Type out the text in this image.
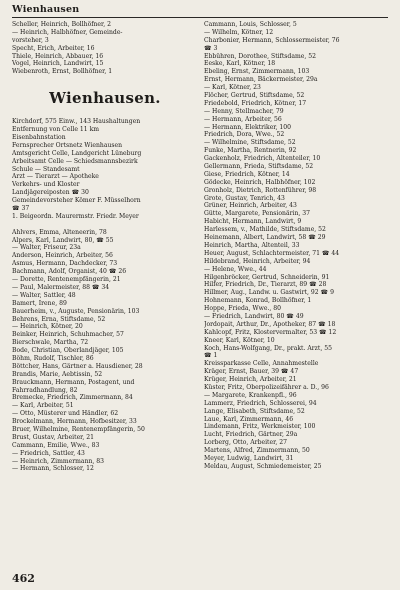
Wienhausen
Scheller, Heinrich, Bollhöfner, 2
— Heinrich, Halbhöfner, Gemeinde-
vorsteher, 3
Specht, Erich, Arbeiter, 16
Thiele, Heinrich, Abbauer, 16
Vogel, Heinrich, Landwirt, 15
Wiebenroth, Ernst, Bollhöfner, 1
Wienhausen.
Kirchdorf, 575 Einw., 143 Haushaltungen
Entfernung von Celle 11 km
Eisenbahnstation
Fernsprecher Ortsnetz Wienhausen
Amtsgericht Celle, Landgericht Lüneburg
Arbeitsamt Celle — Schiedsmannsbezirk
Schule — Standesamt
Arzt — Tierarzt — Apotheke
Verkehrs- und Kloster
Landjägereiposten ☎ 30
Gemeindevorsteher Kömer F. Müsselhorn
☎ 37
1. Beigeordn. Maurermstr. Friedr. Meyer
Ahlvers, Emma, Alteneerin, 78
Alpers, Karl, Landwirt, 80, ☎ 55
— Walter, Friseur, 23a
Anderson, Heinrich, Arbeiter, 56
Asmus, Hermann, Dachdecker, 73
Bachmann, Adolf, Organist, 40 ☎ 26
— Dorette, Rentenempfängerin, 21
— Paul, Malermeister, 88 ☎ 34
— Walter, Sattler, 48
Bamert, Irene, 89
Bauerheim, v., Auguste, Pensionärin, 103
Behrens, Erna, Stiftsdame, 52
— Heinrich, Kötner, 20
Beinker, Heinrich, Schuhmacher, 57
Bierschwale, Martha, 72
Bode, Christian, Oberlandjäger, 105
Böhm, Rudolf, Tischler, 86
Böttcher, Hans, Gärtner a. Hausdiener, 28
Brandis, Marie, Aebtissin, 52
Brauckmann, Hermann, Postagent, und
Fahrradhandlung, 82
Bremecke, Friedrich, Zimmermann, 84
— Karl, Arbeiter, 51
— Otto, Müsterer und Händler, 62
Brockelmann, Hermann, Hofbesitzer, 33
Bruer, Wilhelmine, Rentenempfängerin, 50
Brust, Gustav, Arbeiter, 21
Cammann, Emilie, Wwe., 83
— Friedrich, Sattler, 43
— Heinrich, Zimmermann, 83
— Hermann, Schlosser, 12
Cammann, Louis, Schlosser, 5
— Wilhelm, Kötner, 12
Charbonier, Hermann, Schlossermeister, 76
☎ 3
Ebbühren, Dorothee, Stiftsdame, 52
Eeske, Karl, Kötner, 18
Ebeling, Ernst, Zimmermann, 103
Ernst, Hermann, Bäckermeister, 29a
— Karl, Kötner, 23
Flöcher, Gertrud, Stiftsdame, 52
Friedebold, Friedrich, Kötner, 17
— Henny, Stellmacher, 79
— Hermann, Arbeiter, 56
— Hermann, Elektriker, 100
Friedrich, Dora, Wwe., 52
— Wilhelmine, Stiftsdame, 52
Funke, Martha, Rentnerin, 92
Gackenholz, Friedrich, Altenteiler, 10
Gellermann, Frieda, Stiftsdame, 52
Giese, Friedrich, Kötner, 14
Gödecke, Heinrich, Halbhöfner, 102
Gronholz, Dietrich, Rottenführer, 98
Grote, Gustav, Tenrich, 43
Grüner, Heinrich, Arbeiter, 43
Gütte, Margarete, Pensionärin, 37
Habicht, Hermann, Landwirt, 9
Harlessem, v., Mathilde, Stiftsdame, 52
Heinemann, Albert, Landwirt, 58 ☎ 29
Heinrich, Martha, Altenteil, 33
Heuer, August, Schlachtermeister, 71 ☎ 44
Hildebrand, Heinrich, Arbeiter, 94
— Helene, Wwe., 44
Hilgenbröcker, Gertrud, Schneiderin, 91
Hilfer, Friedrich, Dr., Tierarzt, 89 ☎ 28
Hillmer, Aug., Landw. u. Gastwirt, 92 ☎ 9
Hohnemann, Konrad, Bollhöfner, 1
Hoppe, Frieda, Wwe., 80
— Friedrich, Landwirt, 80 ☎ 49
Jordopait, Arthur, Dr., Apotheker, 87 ☎ 18
Kahlcopf, Fritz, Klostervermalter, 53 ☎ 12
Kneer, Karl, Kötner, 10
Koch, Hans-Wolfgang, Dr., prakt. Arzt, 55
☎ 1
Kreissparkasse Celle, Annahmestelle
Kräger, Ernst, Bauer, 39 ☎ 47
Krüger, Heinrich, Arbeiter, 21
Küster, Fritz, Oberpolizeifährer a. D., 96
— Margarete, Krankenpfl., 96
Lammerz, Friedrich, Schlosserei, 94
Lange, Elisabeth, Stiftsdame, 52
Laue, Karl, Zimmermann, 46
Lindemann, Fritz, Werkmeister, 100
Lucht, Friedrich, Gärtner, 29a
Lorberg, Otto, Arbeiter, 27
Martens, Alfred, Zimmermann, 50
Meyer, Ludwig, Landwirt, 31
Meldau, August, Schmiedemeister, 25
462
